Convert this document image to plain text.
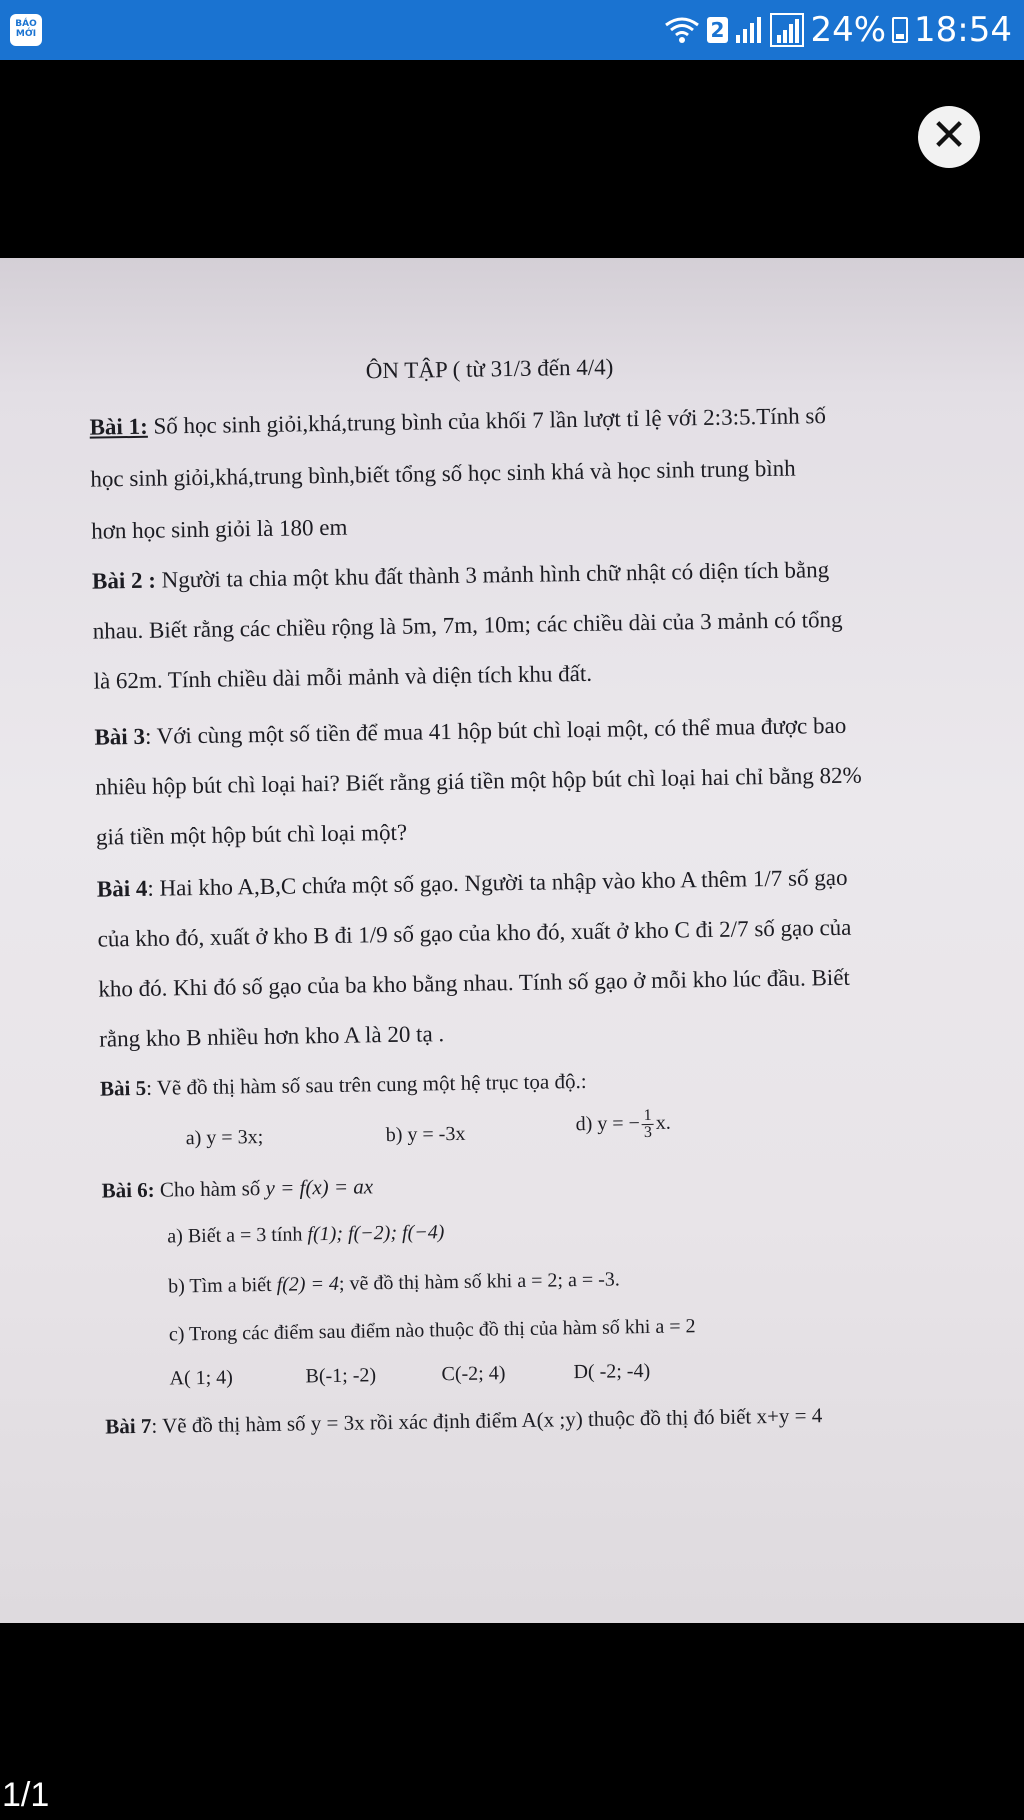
BÁO MỚI	2	24% 18:54
✕
ÔN TẬP ( từ 31/3 đến 4/4)
Bài 1: Số học sinh giỏi,khá,trung bình của khối 7 lần lượt tỉ lệ với 2:3:5.Tính số
học sinh giỏi,khá,trung bình,biết tổng số học sinh khá và học sinh trung bình
hơn học sinh giỏi là 180 em
Bài 2 : Người ta chia một khu đất thành 3 mảnh hình chữ nhật có diện tích bằng
nhau. Biết rằng các chiều rộng là 5m, 7m, 10m; các chiều dài của 3 mảnh có tổng
là 62m. Tính chiều dài mỗi mảnh và diện tích khu đất.
Bài 3: Với cùng một số tiền để mua 41 hộp bút chì loại một, có thể mua được bao
nhiêu hộp bút chì loại hai? Biết rằng giá tiền một hộp bút chì loại hai chỉ bằng 82%
giá tiền một hộp bút chì loại một?
Bài 4: Hai kho A,B,C chứa một số gạo. Người ta nhập vào kho A thêm 1/7 số gạo
của kho đó, xuất ở kho B đi 1/9 số gạo của kho đó, xuất ở kho C đi 2/7 số gạo của
kho đó. Khi đó số gạo của ba kho bằng nhau. Tính số gạo ở mỗi kho lúc đầu. Biết
rằng kho B nhiều hơn kho A là 20 tạ .
Bài 5: Vẽ đồ thị hàm số sau trên cung một hệ trục tọa độ.:
a) y = 3x;	b) y = -3x	d) y = − $\frac{1}{3} x$.
Bài 6: Cho hàm số y = f(x) = ax
a) Biết a = 3 tính f(1); f(−2); f(−4)
b) Tìm a biết f(2) = 4; vẽ đồ thị hàm số khi a = 2; a = -3.
c) Trong các điểm sau điểm nào thuộc đồ thị của hàm số khi a = 2
A( 1; 4)	B(-1; -2)	C(-2; 4)	D( -2; -4)
Bài 7: Vẽ đồ thị hàm số y = 3x rồi xác định điểm A(x ;y) thuộc đồ thị đó biết x+y = 4
1/1
